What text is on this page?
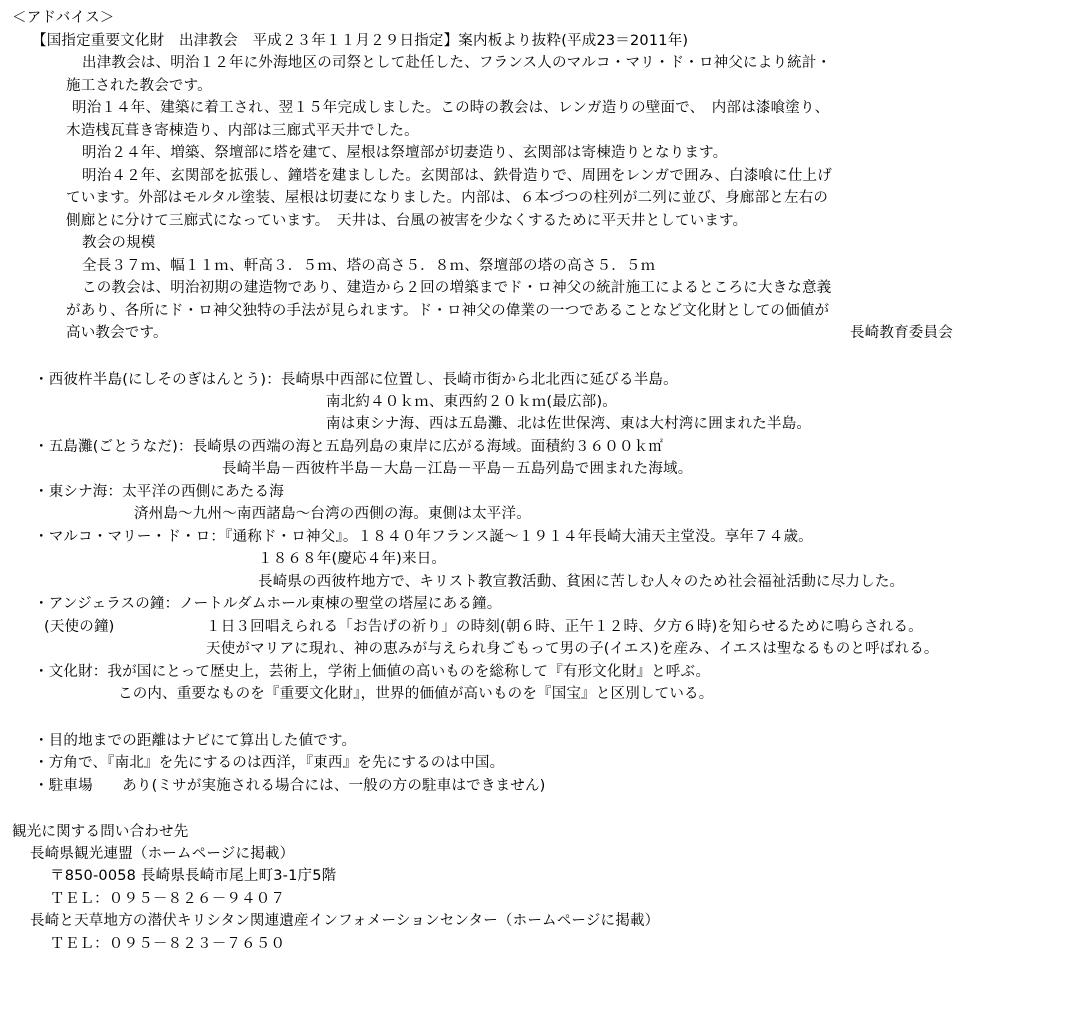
＜アドバイス＞
【国指定重要文化財　出津教会　平成２３年１１月２９日指定】案内板より抜粋(平成23＝2011年)
出津教会は、明治１２年に外海地区の司祭として赴任した、フランス人のマルコ・マリ・ド・ロ神父により統計・
施工された教会です。
明治１４年、建築に着工され、翌１５年完成しました。この時の教会は、レンガ造りの壁面で、　内部は漆喰塗り、
木造桟瓦葺き寄棟造り、内部は三廊式平天井でした。
明治２４年、増築、祭壇部に塔を建て、屋根は祭壇部が切妻造り、玄関部は寄棟造りとなります。
明治４２年、玄関部を拡張し、鐘塔を建ましした。玄関部は、鉄骨造りで、周囲をレンガで囲み、白漆喰に仕上げ
ています。外部はモルタル塗装、屋根は切妻になりました。内部は、６本づつの柱列が二列に並び、身廊部と左右の
側廊とに分けて三廊式になっています。　天井は、台風の被害を少なくするために平天井としています。
教会の規模
全長３７ｍ、幅１１ｍ、軒高３．５ｍ、塔の高さ５．８ｍ、祭壇部の塔の高さ５．５ｍ
この教会は、明治初期の建造物であり、建造から２回の増築までド・ロ神父の統計施工によるところに大きな意義
があり、各所にド・ロ神父独特の手法が見られます。ド・ロ神父の偉業の一つであることなど文化財としての価値が
高い教会です。	長崎教育委員会
・西彼杵半島(にしそのぎはんとう)：長崎県中西部に位置し、長崎市街から北北西に延びる半島。
南北約４０ｋｍ、東西約２０ｋｍ(最広部)。
南は東シナ海、西は五島灘、北は佐世保湾、東は大村湾に囲まれた半島。
・五島灘(ごとうなだ)：長崎県の西端の海と五島列島の東岸に広がる海域。面積約３６００ｋ㎡
長崎半島－西彼杵半島－大島－江島－平島－五島列島で囲まれた海域。
・東シナ海：太平洋の西側にあたる海
済州島～九州～南西諸島～台湾の西側の海。東側は太平洋。
・マルコ・マリー・ド・ロ：『通称ド・ロ神父』。１８４０年フランス誕～１９１４年長崎大浦天主堂没。享年７４歳。
１８６８年(慶応４年)来日。
長崎県の西彼杵地方で、キリスト教宣教活動、貧困に苦しむ人々のため社会福祉活動に尽力した。
・アンジェラスの鐘：ノートルダムホール東棟の聖堂の塔屋にある鐘。
(天使の鐘)	１日３回唱えられる「お告げの祈り」の時刻(朝６時、正午１２時、夕方６時)を知らせるために鳴らされる。
天使がマリアに現れ、神の恵みが与えられ身ごもって男の子(イエス)を産み、イエスは聖なるものと呼ばれる。
・文化財：我が国にとって歴史上，芸術上，学術上価値の高いものを総称して『有形文化財』と呼ぶ。
この内、重要なものを『重要文化財』，世界的価値が高いものを『国宝』と区別している。
・目的地までの距離はナビにて算出した値です。
・方角で、『南北』を先にするのは西洋，『東西』を先にするのは中国。
・駐車場　　あり(ミサが実施される場合には、一般の方の駐車はできません)
観光に関する問い合わせ先
長崎県観光連盟（ホームページに掲載）
〒850-0058 長崎県長崎市尾上町3-1庁5階
ＴＥＬ：０９５－８２６－９４０７
長崎と天草地方の潜伏キリシタン関連遺産インフォメーションセンター（ホームページに掲載）
ＴＥＬ：０９５－８２３－７６５０
